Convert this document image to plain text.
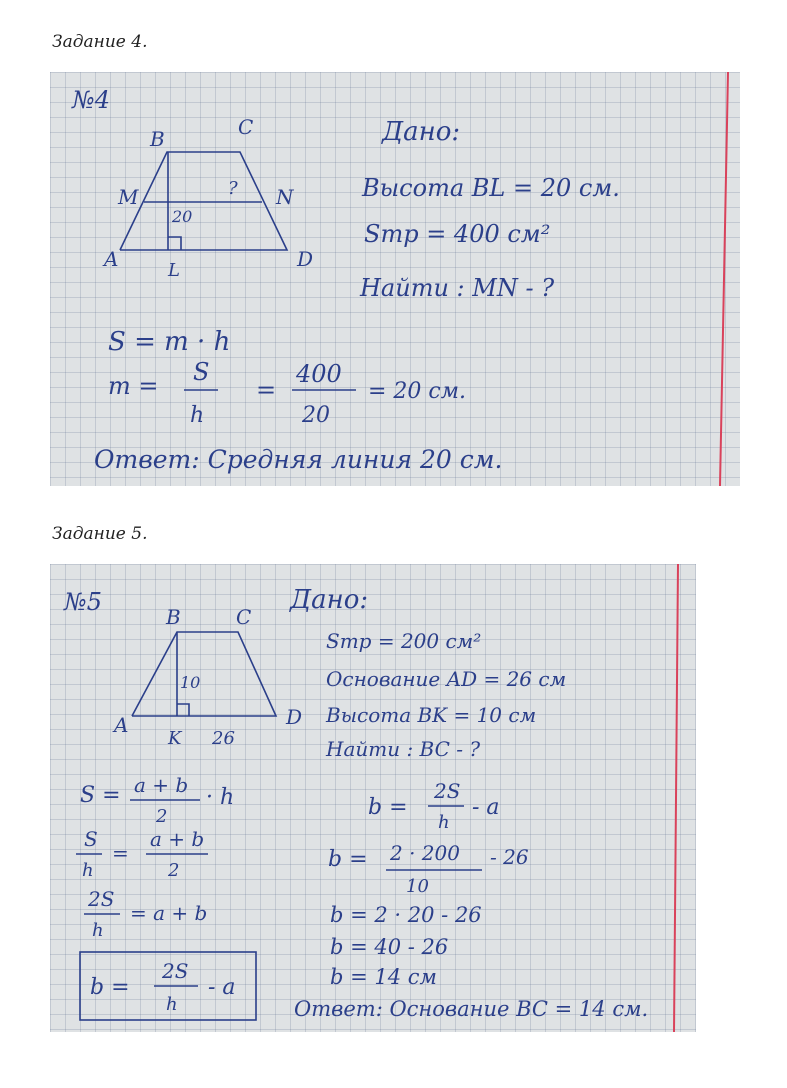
Задание 4.
№4
B	C
M	N
A	D
L
20
?
Дано:
Высота BL = 20 см.
Sтр = 400 см²
Найти : MN - ?
S = m · h
m = S
h
=
400
20
= 20 см.
Ответ: Средняя линия 20 см.
Задание 5.
№5
B	C
A	D
K
10
26
Дано:
Sтр = 200 см²
Основание AD = 26 см
Высота BK = 10 см
Найти : BC - ?
S = a + b
2
· h
S
h
=
a + b
2
2S
h
= a + b
b =
2S
h
- a
b =
2S
h
- a
b = 2 · 200
10
- 26
b = 2 · 20 - 26
b = 40 - 26
b = 14 см
Ответ: Основание BC = 14 см.
